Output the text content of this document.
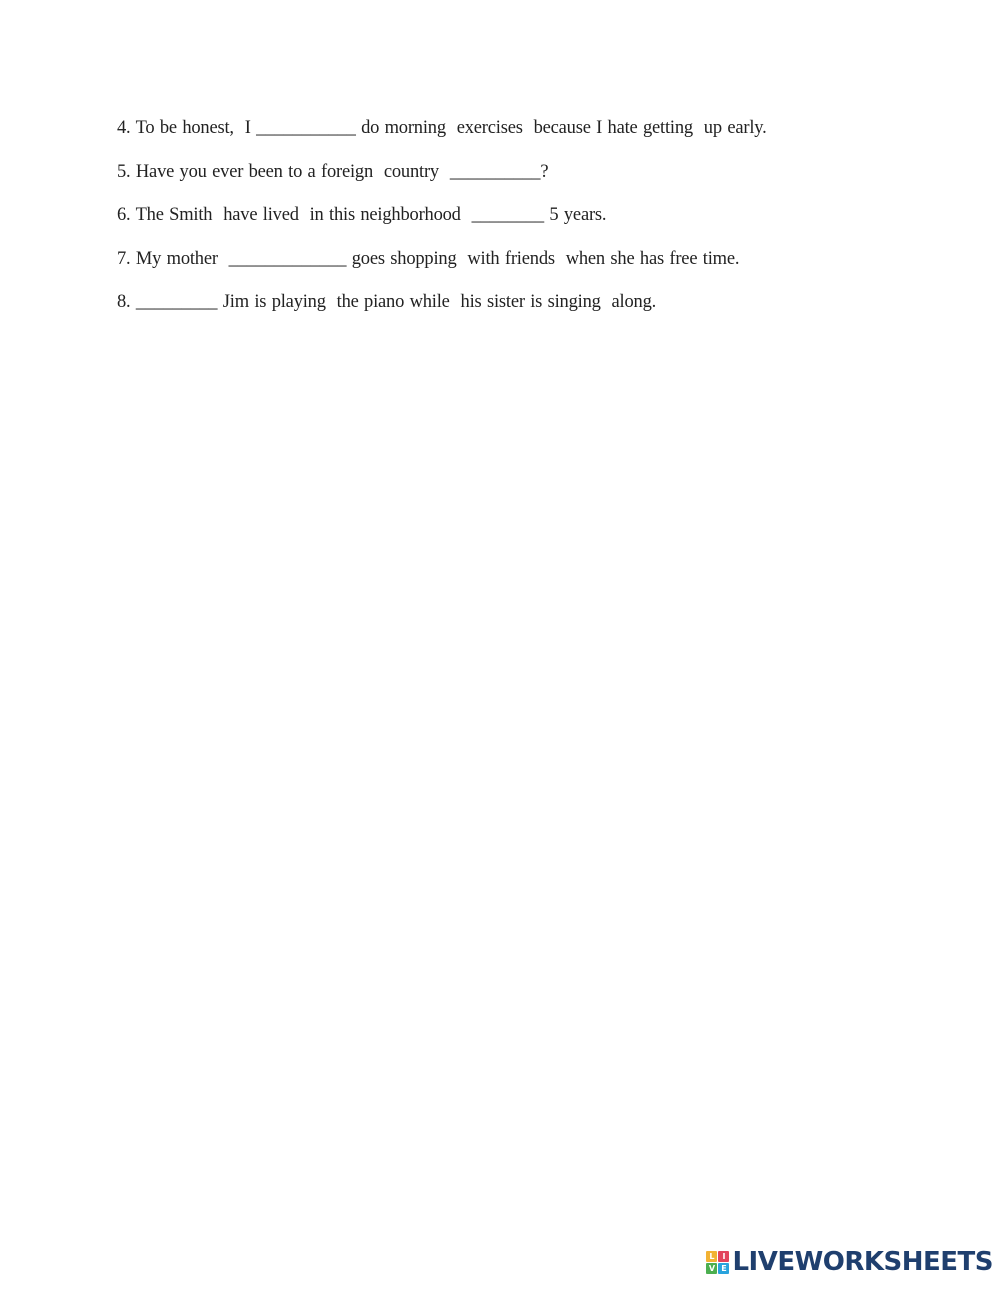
4. To be honest,  I ___________ do morning  exercises  because I hate getting  up early.
5. Have you ever been to a foreign  country  __________?
6. The Smith  have lived  in this neighborhood  ________ 5 years.
7. My mother  _____________ goes shopping  with friends  when she has free time.
8. _________ Jim is playing  the piano while  his sister is singing  along.
L I
V E LIVEWORKSHEETS
